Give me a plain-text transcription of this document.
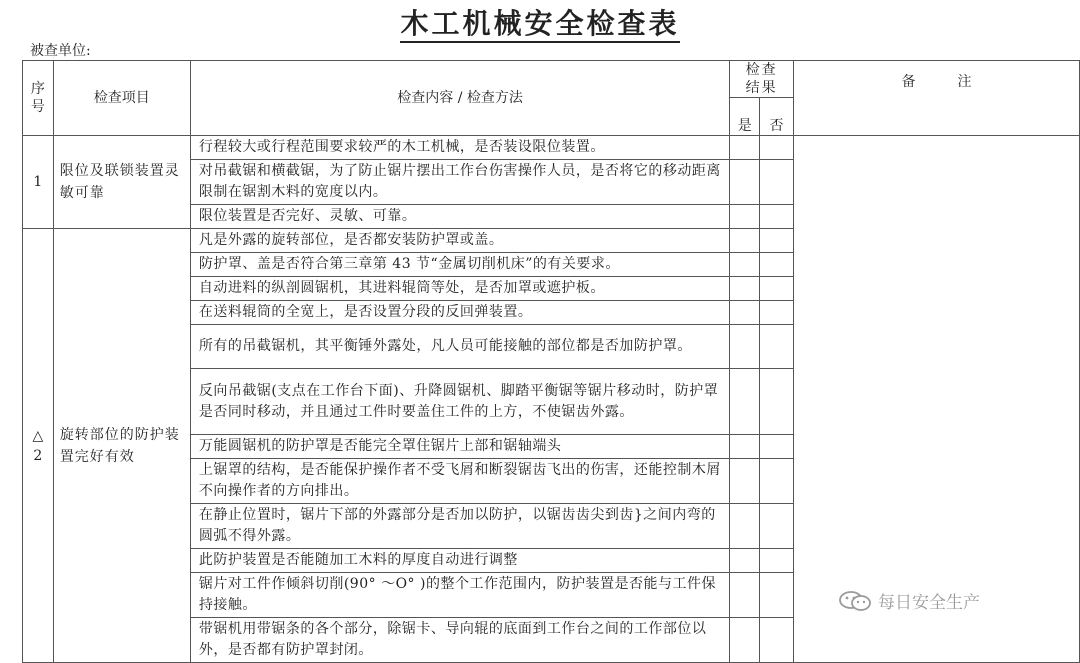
木工机械安全检查表
被查单位:
序号	检查项目	检查内容 / 检查方法	检查结果		备　　　注
			是	否	
1	限位及联锁装置灵敏可靠	行程较大或行程范围要求较严的木工机械，是否装设限位装置。			
		对吊截锯和横截锯，为了防止锯片摆出工作台伤害操作人员，是否将它的移动距离限制在锯割木料的宽度以内。			
		限位装置是否完好、灵敏、可靠。			
△
2	旋转部位的防护装置完好有效	凡是外露的旋转部位，是否都安装防护罩或盖。			
		防护罩、盖是否符合第三章第 43 节“金属切削机床”的有关要求。			
		自动进料的纵剖圆锯机，其进料辊筒等处，是否加罩或遮护板。			
		在送料辊筒的全宽上，是否设置分段的反回弹装置。			
		所有的吊截锯机，其平衡锤外露处，凡人员可能接触的部位都是否加防护罩。			
		反向吊截锯(支点在工作台下面)、升降圆锯机、脚踏平衡锯等锯片移动时，防护罩是否同时移动，并且通过工件时要盖住工件的上方，不使锯齿外露。			
		万能圆锯机的防护罩是否能完全罩住锯片上部和锯轴端头			
		上锯罩的结构，是否能保护操作者不受飞屑和断裂锯齿飞出的伤害，还能控制木屑不向操作者的方向排出。			
		在静止位置时，锯片下部的外露部分是否加以防护，以锯齿齿尖到齿}之间内弯的圆弧不得外露。			
		此防护装置是否能随加工木料的厚度自动进行调整			
		锯片对工件作倾斜切削(90° ～O° )的整个工作范围内，防护装置是否能与工件保持接触。			
		带锯机用带锯条的各个部分，除锯卡、导向辊的底面到工作台之间的工作部位以外，是否都有防护罩封闭。			
每日安全生产
